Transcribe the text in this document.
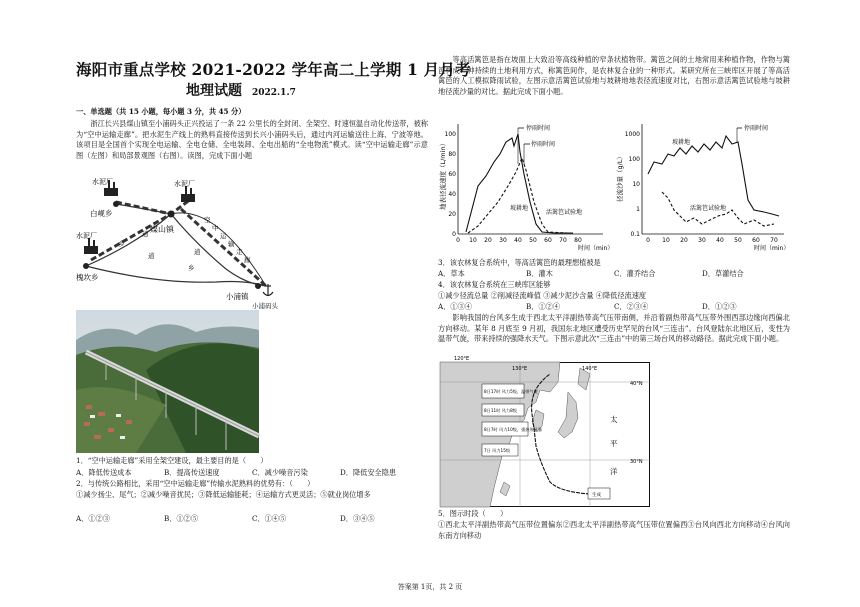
海阳市重点学校 2021-2022 学年高二上学期 1 月月考
地理试题 2022.1.7

一、单选题（共 15 小题，每小题 3 分，共 45 分）

浙江长兴县煤山镇至小浦码头正兴投运了一条 22 公里长的全封闭、全架空、时速恒温自动化传送带，被称为“空中运输走廊”。把水泥生产线上的熟料直接传送到长兴小浦码头后，通过内河运输送往上海、宁波等地。该项目是全国首个实现全电运输、全电仓储、全电装卸、全电出船的“全电物流”模式。读“空中运输走廊”示意图（左图）和局部景观图（右图）。读图，完成下面小题

水泥厂
白岘乡
水泥厂
煤山镇
水泥厂
槐坎乡
小浦镇
小浦码头
乡
道
道
空
中
运
输
走
廊
道
乡

1．“空中运输走廊”采用全架空建设，最主要目的是（　　）

A．降低传送成本	B．提高传送速度	C．减少噪音污染	D．降低安全隐患

2．与传统公路相比，采用“空中运输走廊”传输水泥熟料的优势有：（　　）

①减少扬尘、尾气；②减少噪音扰民；③降低运输能耗；④运输方式更灵活；⑤就业岗位增多

A．①②③	B．①②⑤	C．①④⑤	D．③④⑤

等高活篱笆是指在坡面上大致沿等高线种植的窄条状植物带。篱笆之间的土地常用来种植作物，作物与篱笆构成一种持续的土地利用方式，称篱笆间作，是农林复合业的一种形式。某研究所在三峡库区开展了等高活篱笆的人工模拟降雨试验，左图示意活篱笆试验地与坡耕地地表径流速度对比，右图示意活篱笆试验地与坡耕地径流沙量的对比。据此完成下面小题。

地表径流速度（L/min）
0
20
40
60
80
100
0 10 20 30 40 50 60 70 80
停雨时间
停雨时间
坡耕地
活篱笆试验地
时间（min）
径流沙量（g/L）
0.1
1
10
100
1000
0 10 20 30 40 50 60 70
停雨时间
坡耕地
活篱笆试验地
时间（min）

3．该农林复合系统中，等高活篱笆的最理想植被是

A．草本	B．灌木	C．灌乔结合	D．草灌结合

4．该农林复合系统在三峡库区能够

①减少径流总量 ②削减径流峰值 ③减少泥沙含量 ④降低径流速度

A．①③④	B．①②④	C．②③④	D．①②③

影响我国的台风多生成于西北太平洋副热带高气压带南侧，并沿着副热带高气压带外围西部边缘向西偏北方向移动。某年 8 月底至 9 月初，我国东北地区遭受历史罕见的台风“三连击”。台风登陆东北地区后，变性为温带气旋，带来持续的强降水天气。下图示意此次“三连击”中的第三场台风的移动路径。据此完成下面小题。

120°E
130°E	140°E
40°N
30°N
太
平
洋
8日17时 风力5级，温带气旋
8日11时 风力8级
8日7时 风力10级，强热带风暴
7日 风力15级
生成

5．图示时段（　　）

①西北太平洋副热带高气压带位置偏东②西北太平洋副热带高气压带位置偏西③台风向西北方向移动④台风向东南方向移动

答案第 1页，共 2 页
